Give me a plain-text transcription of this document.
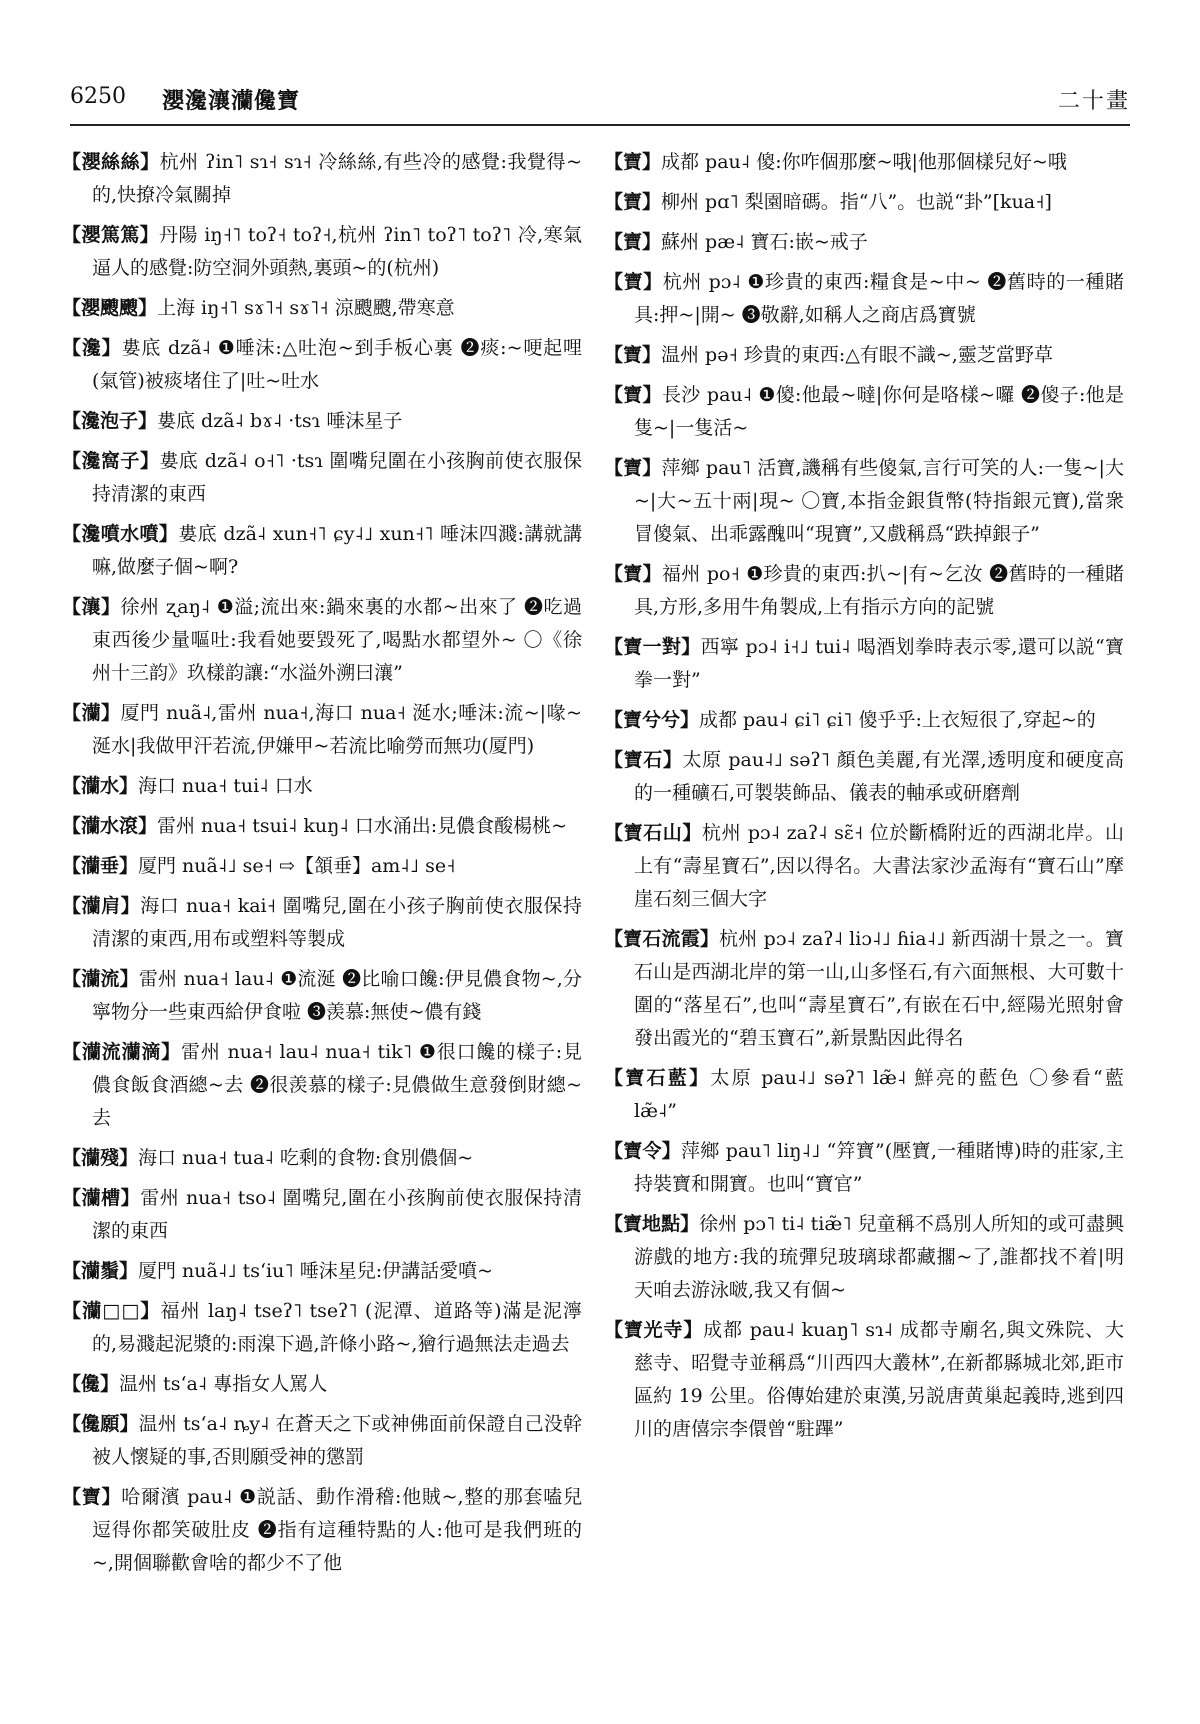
6250 瀴瀺瀼灡儳寶	二十畫

【瀴絲絲】杭州 ʔin˥ sɿ˧ sɿ˧ 冷絲絲,有些冷的感覺:我覺得~的,快撩冷氣關掉

【瀴篤篤】丹陽 iŋ˧˥ toʔ˧ toʔ˧,杭州 ʔin˥ toʔ˥ toʔ˥ 冷,寒氣逼人的感覺:防空洞外頭熱,裏頭~的(杭州)

【瀴颼颼】上海 iŋ˧˥ sɤ˥˧ sɤ˥˧ 涼颼颼,帶寒意

【瀺】婁底 dzã˨ ❶唾沫:△吐泡~到手板心裏 ❷痰:~哽起哩(氣管)被痰堵住了|吐~吐水

【瀺泡子】婁底 dzã˨ bɤ˨ ·tsɿ 唾沫星子

【瀺窩子】婁底 dzã˨ o˧˥ ·tsɿ 圍嘴兒圍在小孩胸前使衣服保持清潔的東西

【瀺噴水噴】婁底 dzã˨ xun˧˥ ɕy˨˩ xun˧˥ 唾沫四濺:講就講嘛,做麼子個~啊?

【瀼】徐州 ʐaŋ˨ ❶溢;流出來:鍋來裏的水都~出來了 ❷吃過東西後少量嘔吐:我看她要毀死了,喝點水都望外~ 〇《徐州十三韵》玖樣韵讓:“水溢外溯曰瀼”

【灡】厦門 nuã˨,雷州 nua˧,海口 nua˧ 涎水;唾沫:流~|喙~涎水|我做甲汗若流,伊嫌甲~若流比喻勞而無功(厦門)

【灡水】海口 nua˧ tui˨ 口水

【灡水滾】雷州 nua˧ tsui˨ kuŋ˨ 口水涌出:見儂食酸楊桃~

【灡垂】厦門 nuã˨˩ se˧ ⇨【頷垂】am˨˩ se˧

【灡肩】海口 nua˧ kai˧ 圍嘴兒,圍在小孩子胸前使衣服保持清潔的東西,用布或塑料等製成

【灡流】雷州 nua˧ lau˨ ❶流涎 ❷比喻口饞:伊見儂食物~,分寧物分一些東西給伊食啦 ❸羡慕:無使~儂有錢

【灡流灡滴】雷州 nua˧ lau˨ nua˧ tik˥ ❶很口饞的樣子:見儂食飯食酒總~去 ❷很羡慕的樣子:見儂做生意發倒財總~去

【灡殘】海口 nua˧ tua˨ 吃剩的食物:食別儂個~

【灡槽】雷州 nua˧ tso˨ 圍嘴兒,圍在小孩胸前使衣服保持清潔的東西

【灡鬚】厦門 nuã˨˩ tsʻiu˥ 唾沫星兒:伊講話愛噴~

【灡□□】福州 laŋ˨ tseʔ˥ tseʔ˥ (泥潭、道路等)滿是泥濘的,易濺起泥漿的:雨㴪下過,許條小路~,獪行過無法走過去

【儳】温州 tsʻa˨ 專指女人罵人

【儳願】温州 tsʻa˨ ȵy˨ 在蒼天之下或神佛面前保證自己没幹被人懷疑的事,否則願受神的懲罰

【寶】哈爾濱 pau˨ ❶説話、動作滑稽:他賊~,整的那套嗑兒逗得你都笑破肚皮 ❷指有這種特點的人:他可是我們班的~,開個聯歡會啥的都少不了他

【寶】成都 pau˨ 傻:你咋個那麼~哦|他那個樣兒好~哦

【寶】柳州 pɑ˥ 梨園暗碼。指“八”。也説“卦”[kua˧]

【寶】蘇州 pæ˨ 寶石:嵌~戒子

【寶】杭州 pɔ˨ ❶珍貴的東西:糧食是~中~ ❷舊時的一種賭具:押~|開~ ❸敬辭,如稱人之商店爲寶號

【寶】温州 pə˧ 珍貴的東西:△有眼不識~,靈芝當野草

【寶】長沙 pau˨ ❶傻:他最~噠|你何是咯樣~囉 ❷傻子:他是隻~|一隻活~

【寶】萍鄉 pau˥ 活寶,譏稱有些傻氣,言行可笑的人:一隻~|大~|大~五十兩|現~ 〇寶,本指金銀貨幣(特指銀元寶),當衆冒傻氣、出乖露醜叫“現寶”,又戲稱爲“跌掉銀子”

【寶】福州 po˧ ❶珍貴的東西:扒~|有~乞汝 ❷舊時的一種賭具,方形,多用牛角製成,上有指示方向的記號

【寶一對】西寧 pɔ˨ i˧˩ tui˨ 喝酒划拳時表示零,還可以説“寶拳一對”

【寶兮兮】成都 pau˨ ɕi˥ ɕi˥ 傻乎乎:上衣短很了,穿起~的

【寶石】太原 pau˨˩ səʔ˥ 顏色美麗,有光澤,透明度和硬度高的一種礦石,可製裝飾品、儀表的軸承或研磨劑

【寶石山】杭州 pɔ˨ zaʔ˨ sɛ̃˧ 位於斷橋附近的西湖北岸。山上有“壽星寶石”,因以得名。大書法家沙孟海有“寶石山”摩崖石刻三個大字

【寶石流霞】杭州 pɔ˨ zaʔ˨ liɔ˨˩ ɦia˨˩ 新西湖十景之一。寶石山是西湖北岸的第一山,山多怪石,有六面無根、大可數十圍的“落星石”,也叫“壽星寶石”,有嵌在石中,經陽光照射會發出霞光的“碧玉寶石”,新景點因此得名

【寶石藍】太原 pau˨˩ səʔ˥ læ̃˨ 鮮亮的藍色 〇參看“藍 læ̃˨”

【寶令】萍鄉 pau˥ liŋ˨˩ “筓寶”(壓寶,一種賭博)時的莊家,主持裝寶和開寶。也叫“寶官”

【寶地點】徐州 pɔ˥ ti˨ tiæ̃˥ 兒童稱不爲別人所知的或可盡興游戲的地方:我的琉彈兒玻璃球都藏擱~了,誰都找不着|明天咱去游泳啵,我又有個~

【寶光寺】成都 pau˨ kuaŋ˥ sɿ˨ 成都寺廟名,與文殊院、大慈寺、昭覺寺並稱爲“川西四大叢林”,在新都縣城北郊,距市區約 19 公里。俗傳始建於東漢,另説唐黄巢起義時,逃到四川的唐僖宗李儇曾“駐蹕”
